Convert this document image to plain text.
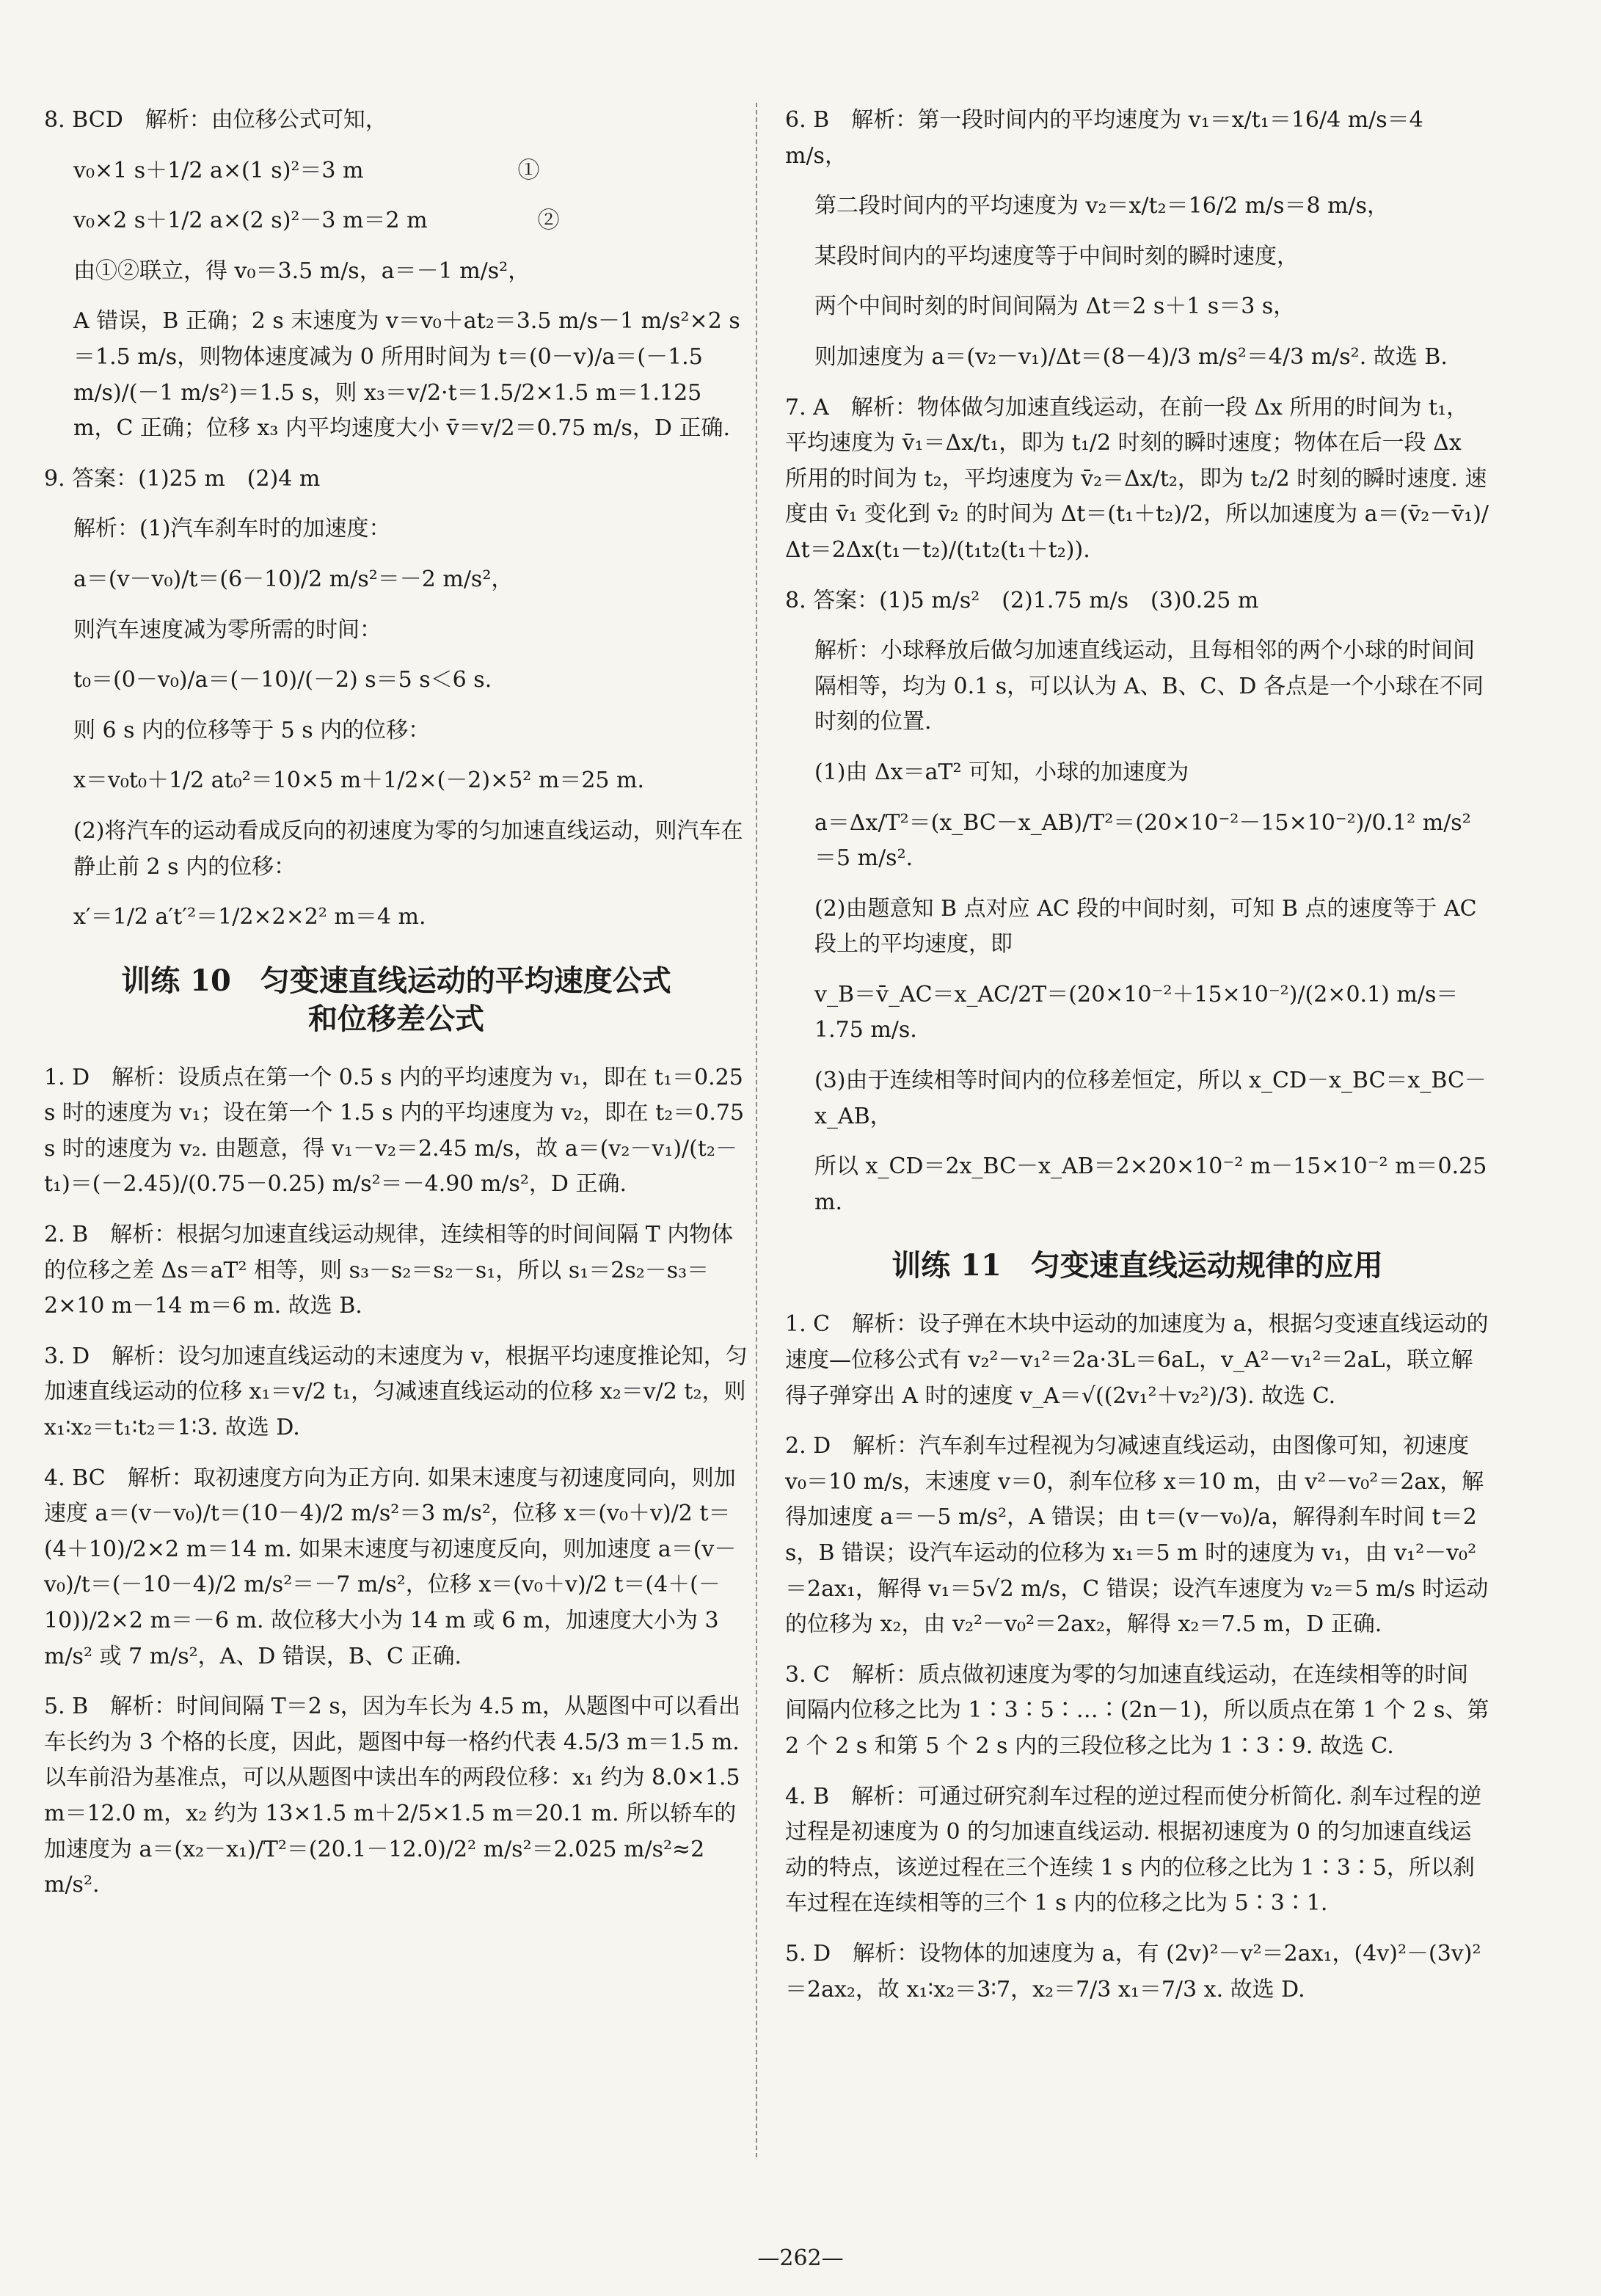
8. BCD　解析：由位移公式可知，

v₀×1 s＋1/2 a×(1 s)²＝3 m　　　　　　　①

v₀×2 s＋1/2 a×(2 s)²－3 m＝2 m　　　　　②

由①②联立，得 v₀＝3.5 m/s，a＝－1 m/s²，

A 错误，B 正确；2 s 末速度为 v＝v₀＋at₂＝3.5 m/s－1 m/s²×2 s＝1.5 m/s，则物体速度减为 0 所用时间为 t＝(0－v)/a＝(－1.5 m/s)/(－1 m/s²)＝1.5 s，则 x₃＝v/2·t＝1.5/2×1.5 m＝1.125 m，C 正确；位移 x₃ 内平均速度大小 v̄＝v/2＝0.75 m/s，D 正确.

9. 答案：(1)25 m　(2)4 m

解析：(1)汽车刹车时的加速度：

a＝(v－v₀)/t＝(6－10)/2 m/s²＝－2 m/s²，

则汽车速度减为零所需的时间：

t₀＝(0－v₀)/a＝(－10)/(－2) s＝5 s＜6 s.

则 6 s 内的位移等于 5 s 内的位移：

x＝v₀t₀＋1/2 at₀²＝10×5 m＋1/2×(－2)×5² m＝25 m.

(2)将汽车的运动看成反向的初速度为零的匀加速直线运动，则汽车在静止前 2 s 内的位移：

x′＝1/2 a′t′²＝1/2×2×2² m＝4 m.

训练 10　匀变速直线运动的平均速度公式
和位移差公式

1. D　解析：设质点在第一个 0.5 s 内的平均速度为 v₁，即在 t₁＝0.25 s 时的速度为 v₁；设在第一个 1.5 s 内的平均速度为 v₂，即在 t₂＝0.75 s 时的速度为 v₂. 由题意，得 v₁－v₂＝2.45 m/s，故 a＝(v₂－v₁)/(t₂－t₁)＝(－2.45)/(0.75－0.25) m/s²＝－4.90 m/s²，D 正确.

2. B　解析：根据匀加速直线运动规律，连续相等的时间间隔 T 内物体的位移之差 Δs＝aT² 相等，则 s₃－s₂＝s₂－s₁，所以 s₁＝2s₂－s₃＝2×10 m－14 m＝6 m. 故选 B.

3. D　解析：设匀加速直线运动的末速度为 v，根据平均速度推论知，匀加速直线运动的位移 x₁＝v/2 t₁，匀减速直线运动的位移 x₂＝v/2 t₂，则 x₁∶x₂＝t₁∶t₂＝1∶3. 故选 D.

4. BC　解析：取初速度方向为正方向. 如果末速度与初速度同向，则加速度 a＝(v－v₀)/t＝(10－4)/2 m/s²＝3 m/s²，位移 x＝(v₀＋v)/2 t＝(4＋10)/2×2 m＝14 m. 如果末速度与初速度反向，则加速度 a＝(v－v₀)/t＝(－10－4)/2 m/s²＝－7 m/s²，位移 x＝(v₀＋v)/2 t＝(4＋(－10))/2×2 m＝－6 m. 故位移大小为 14 m 或 6 m，加速度大小为 3 m/s² 或 7 m/s²，A、D 错误，B、C 正确.

5. B　解析：时间间隔 T＝2 s，因为车长为 4.5 m，从题图中可以看出车长约为 3 个格的长度，因此，题图中每一格约代表 4.5/3 m＝1.5 m. 以车前沿为基准点，可以从题图中读出车的两段位移：x₁ 约为 8.0×1.5 m＝12.0 m，x₂ 约为 13×1.5 m＋2/5×1.5 m＝20.1 m. 所以轿车的加速度为 a＝(x₂－x₁)/T²＝(20.1－12.0)/2² m/s²＝2.025 m/s²≈2 m/s².

6. B　解析：第一段时间内的平均速度为 v₁＝x/t₁＝16/4 m/s＝4 m/s，

第二段时间内的平均速度为 v₂＝x/t₂＝16/2 m/s＝8 m/s，

某段时间内的平均速度等于中间时刻的瞬时速度，

两个中间时刻的时间间隔为 Δt＝2 s＋1 s＝3 s，

则加速度为 a＝(v₂－v₁)/Δt＝(8－4)/3 m/s²＝4/3 m/s². 故选 B.

7. A　解析：物体做匀加速直线运动，在前一段 Δx 所用的时间为 t₁，平均速度为 v̄₁＝Δx/t₁，即为 t₁/2 时刻的瞬时速度；物体在后一段 Δx 所用的时间为 t₂，平均速度为 v̄₂＝Δx/t₂，即为 t₂/2 时刻的瞬时速度. 速度由 v̄₁ 变化到 v̄₂ 的时间为 Δt＝(t₁＋t₂)/2，所以加速度为 a＝(v̄₂－v̄₁)/Δt＝2Δx(t₁－t₂)/(t₁t₂(t₁＋t₂)).

8. 答案：(1)5 m/s²　(2)1.75 m/s　(3)0.25 m

解析：小球释放后做匀加速直线运动，且每相邻的两个小球的时间间隔相等，均为 0.1 s，可以认为 A、B、C、D 各点是一个小球在不同时刻的位置.

(1)由 Δx＝aT² 可知，小球的加速度为

a＝Δx/T²＝(x_BC－x_AB)/T²＝(20×10⁻²－15×10⁻²)/0.1² m/s²＝5 m/s².

(2)由题意知 B 点对应 AC 段的中间时刻，可知 B 点的速度等于 AC 段上的平均速度，即

v_B＝v̄_AC＝x_AC/2T＝(20×10⁻²＋15×10⁻²)/(2×0.1) m/s＝1.75 m/s.

(3)由于连续相等时间内的位移差恒定，所以 x_CD－x_BC＝x_BC－x_AB，

所以 x_CD＝2x_BC－x_AB＝2×20×10⁻² m－15×10⁻² m＝0.25 m.

训练 11　匀变速直线运动规律的应用

1. C　解析：设子弹在木块中运动的加速度为 a，根据匀变速直线运动的速度—位移公式有 v₂²－v₁²＝2a·3L＝6aL，v_A²－v₁²＝2aL，联立解得子弹穿出 A 时的速度 v_A＝√((2v₁²＋v₂²)/3). 故选 C.

2. D　解析：汽车刹车过程视为匀减速直线运动，由图像可知，初速度 v₀＝10 m/s，末速度 v＝0，刹车位移 x＝10 m，由 v²－v₀²＝2ax，解得加速度 a＝－5 m/s²，A 错误；由 t＝(v－v₀)/a，解得刹车时间 t＝2 s，B 错误；设汽车运动的位移为 x₁＝5 m 时的速度为 v₁，由 v₁²－v₀²＝2ax₁，解得 v₁＝5√2 m/s，C 错误；设汽车速度为 v₂＝5 m/s 时运动的位移为 x₂，由 v₂²－v₀²＝2ax₂，解得 x₂＝7.5 m，D 正确.

3. C　解析：质点做初速度为零的匀加速直线运动，在连续相等的时间间隔内位移之比为 1∶3∶5∶…∶(2n－1)，所以质点在第 1 个 2 s、第 2 个 2 s 和第 5 个 2 s 内的三段位移之比为 1∶3∶9. 故选 C.

4. B　解析：可通过研究刹车过程的逆过程而使分析简化. 刹车过程的逆过程是初速度为 0 的匀加速直线运动. 根据初速度为 0 的匀加速直线运动的特点，该逆过程在三个连续 1 s 内的位移之比为 1∶3∶5，所以刹车过程在连续相等的三个 1 s 内的位移之比为 5∶3∶1.

5. D　解析：设物体的加速度为 a，有 (2v)²－v²＝2ax₁，(4v)²－(3v)²＝2ax₂，故 x₁∶x₂＝3∶7，x₂＝7/3 x₁＝7/3 x. 故选 D.

—262—
